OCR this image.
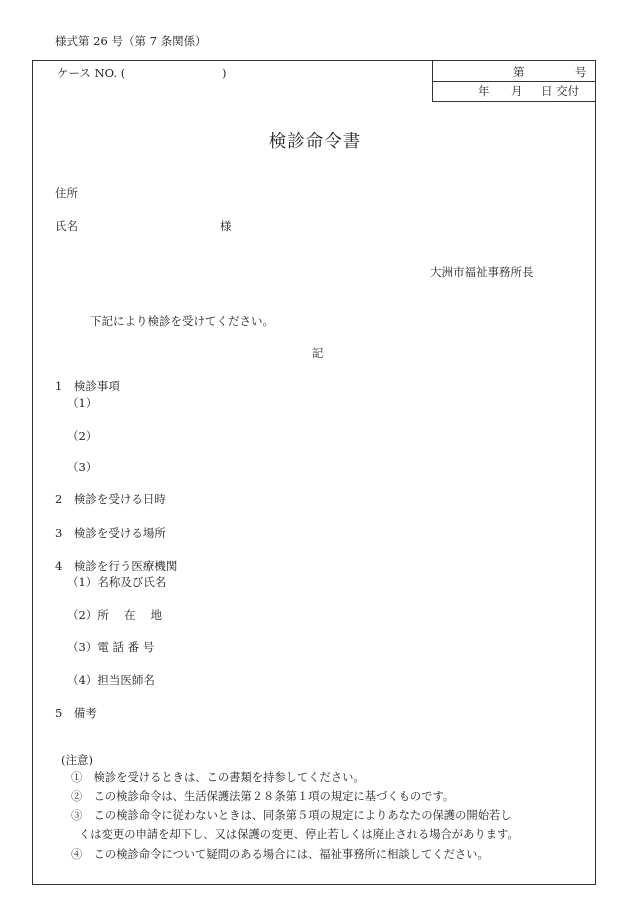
様式第 26 号（第 7 条関係）
ケース NO. (	)	第	号
年 月 日 交付
検診命令書
住所
氏名	様
大洲市福祉事務所長
下記により検診を受けてください。
記
1　検診事項
（1）
（2）
（3）
2　検診を受ける日時
3　検診を受ける場所
4　検診を行う医療機関
（1）名称及び氏名
（2）所　 在　 地
（3）電 話 番 号
（4）担当医師名
5　備考
(注意)
①　検診を受けるときは、この書類を持参してください。
②　この検診命令は、生活保護法第２８条第１項の規定に基づくものです。
③　この検診命令に従わないときは、同条第５項の規定によりあなたの保護の開始若し
くは変更の申請を却下し、又は保護の変更、停止若しくは廃止される場合があります。
④　この検診命令について疑問のある場合には、福祉事務所に相談してください。
